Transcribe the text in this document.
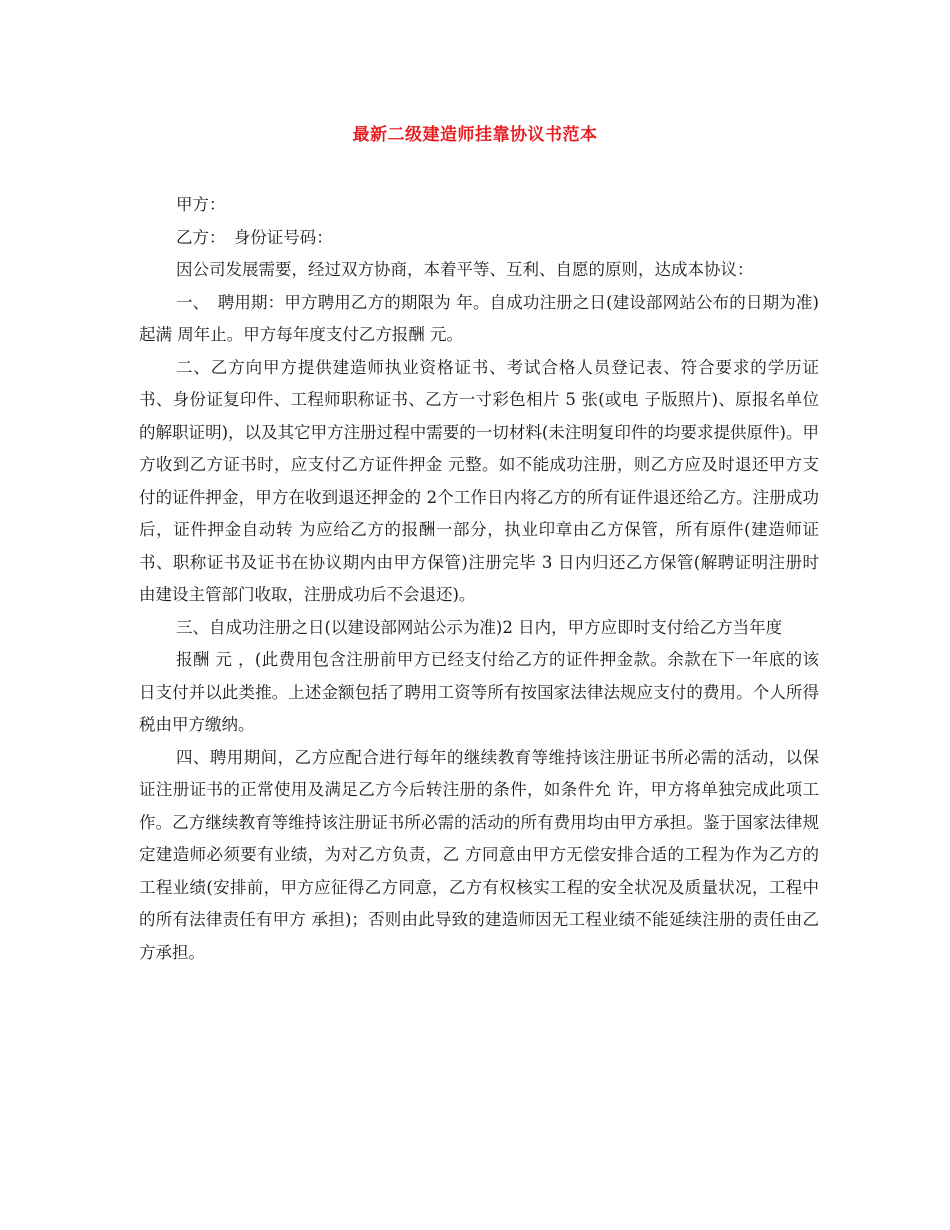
最新二级建造师挂靠协议书范本

甲方：

乙方：　身份证号码：

因公司发展需要，经过双方协商，本着平等、互利、自愿的原则，达成本协议：

一、　聘用期：甲方聘用乙方的期限为 年。自成功注册之日(建设部网站公布的日期为准)起满 周年止。甲方每年度支付乙方报酬 元。

二、乙方向甲方提供建造师执业资格证书、考试合格人员登记表、符合要求的学历证书、身份证复印件、工程师职称证书、乙方一寸彩色相片 5 张(或电 子版照片)、原报名单位的解职证明)，以及其它甲方注册过程中需要的一切材料(未注明复印件的均要求提供原件)。甲方收到乙方证书时，应支付乙方证件押金 元整。如不能成功注册，则乙方应及时退还甲方支付的证件押金，甲方在收到退还押金的 2个工作日内将乙方的所有证件退还给乙方。注册成功后，证件押金自动转 为应给乙方的报酬一部分，执业印章由乙方保管，所有原件(建造师证书、职称证书及证书在协议期内由甲方保管)注册完毕 3 日内归还乙方保管(解聘证明注册时 由建设主管部门收取，注册成功后不会退还)。

三、自成功注册之日(以建设部网站公示为准)2 日内，甲方应即时支付给乙方当年度

报酬 元 ，(此费用包含注册前甲方已经支付给乙方的证件押金款。余款在下一年底的该日支付并以此类推。上述金额包括了聘用工资等所有按国家法律法规应支付的费用。个人所得税由甲方缴纳。

四、聘用期间，乙方应配合进行每年的继续教育等维持该注册证书所必需的活动，以保证注册证书的正常使用及满足乙方今后转注册的条件，如条件允 许，甲方将单独完成此项工作。乙方继续教育等维持该注册证书所必需的活动的所有费用均由甲方承担。鉴于国家法律规定建造师必须要有业绩，为对乙方负责，乙 方同意由甲方无偿安排合适的工程为作为乙方的工程业绩(安排前，甲方应征得乙方同意，乙方有权核实工程的安全状况及质量状况，工程中的所有法律责任有甲方 承担)；否则由此导致的建造师因无工程业绩不能延续注册的责任由乙方承担。
